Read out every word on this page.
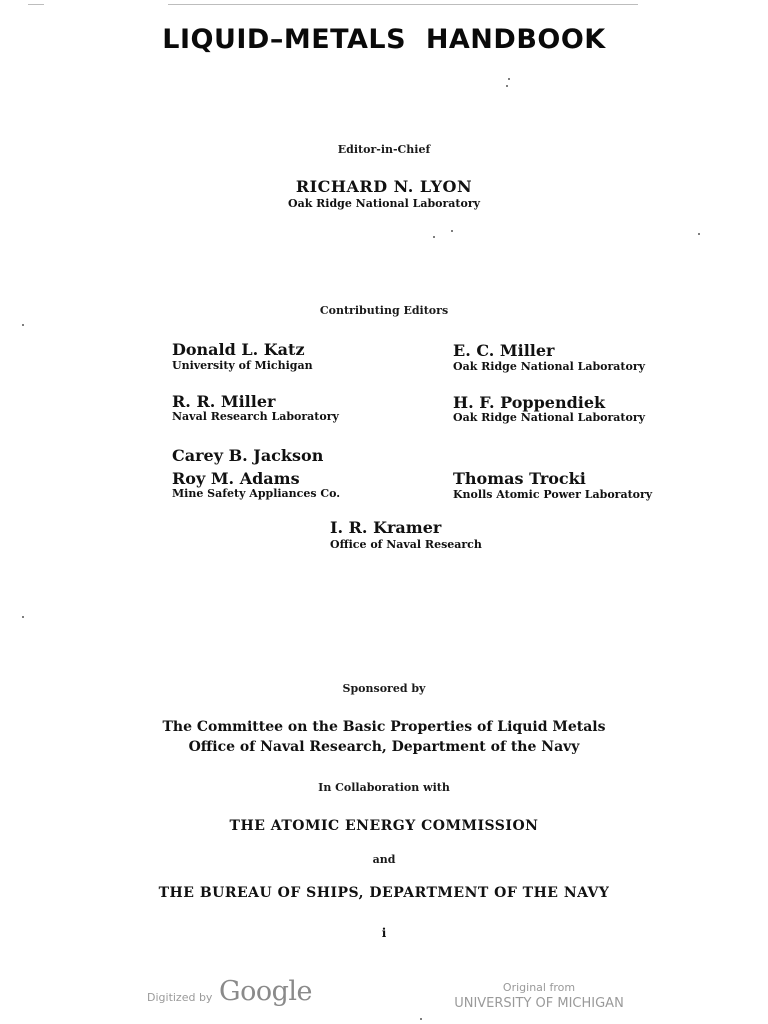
LIQUID–METALS  HANDBOOK
Editor-in-Chief
RICHARD N. LYON
Oak Ridge National Laboratory
Contributing Editors
Donald L. Katz
University of Michigan
E. C. Miller
Oak Ridge National Laboratory
R. R. Miller
Naval Research Laboratory
H. F. Poppendiek
Oak Ridge National Laboratory
Carey B. Jackson
Roy M. Adams
Mine Safety Appliances Co.
Thomas Trocki
Knolls Atomic Power Laboratory
I. R. Kramer
Office of Naval Research
Sponsored by
The Committee on the Basic Properties of Liquid Metals
Office of Naval Research, Department of the Navy
In Collaboration with
THE ATOMIC ENERGY COMMISSION
and
THE BUREAU OF SHIPS, DEPARTMENT OF THE NAVY
i
Digitized by Google	Original from
UNIVERSITY OF MICHIGAN
